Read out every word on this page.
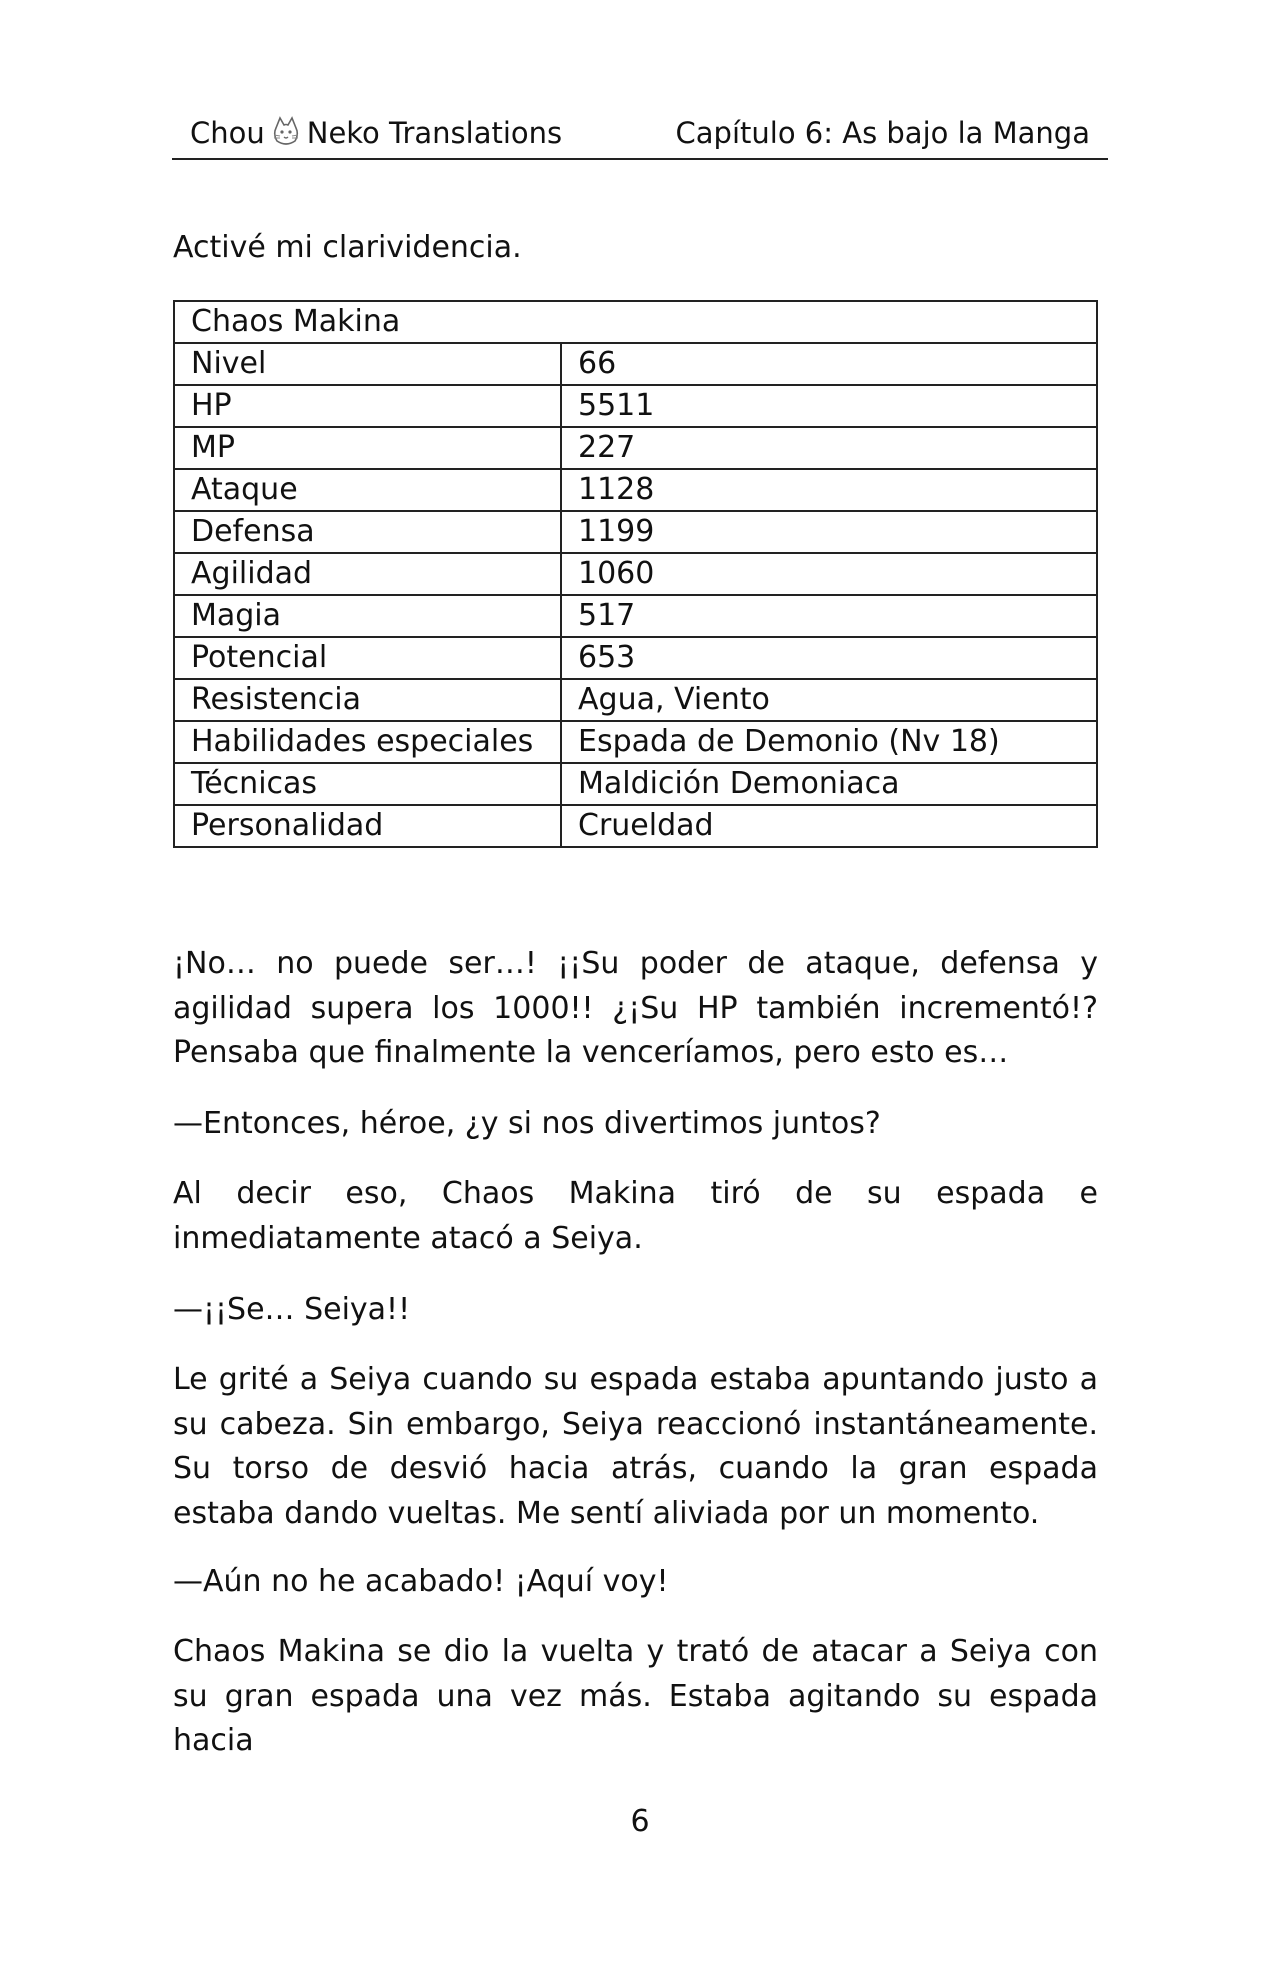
Chou Neko Translations	Capítulo 6: As bajo la Manga

Activé mi clarividencia.

Chaos Makina	
Nivel	66
HP	5511
MP	227
Ataque	1128
Defensa	1199
Agilidad	1060
Magia	517
Potencial	653
Resistencia	Agua, Viento
Habilidades especiales	Espada de Demonio (Nv 18)
Técnicas	Maldición Demoniaca
Personalidad	Crueldad

¡No… no puede ser…! ¡¡Su poder de ataque, defensa y agilidad supera los 1000!! ¿¡Su HP también incrementó!? Pensaba que finalmente la venceríamos, pero esto es…

—Entonces, héroe, ¿y si nos divertimos juntos?

Al decir eso, Chaos Makina tiró de su espada e inmediatamente atacó a Seiya.

—¡¡Se… Seiya!!

Le grité a Seiya cuando su espada estaba apuntando justo a su cabeza. Sin embargo, Seiya reaccionó instantáneamente. Su torso de desvió hacia atrás, cuando la gran espada estaba dando vueltas. Me sentí aliviada por un momento.

—Aún no he acabado! ¡Aquí voy!

Chaos Makina se dio la vuelta y trató de atacar a Seiya con su gran espada una vez más. Estaba agitando su espada hacia

6
